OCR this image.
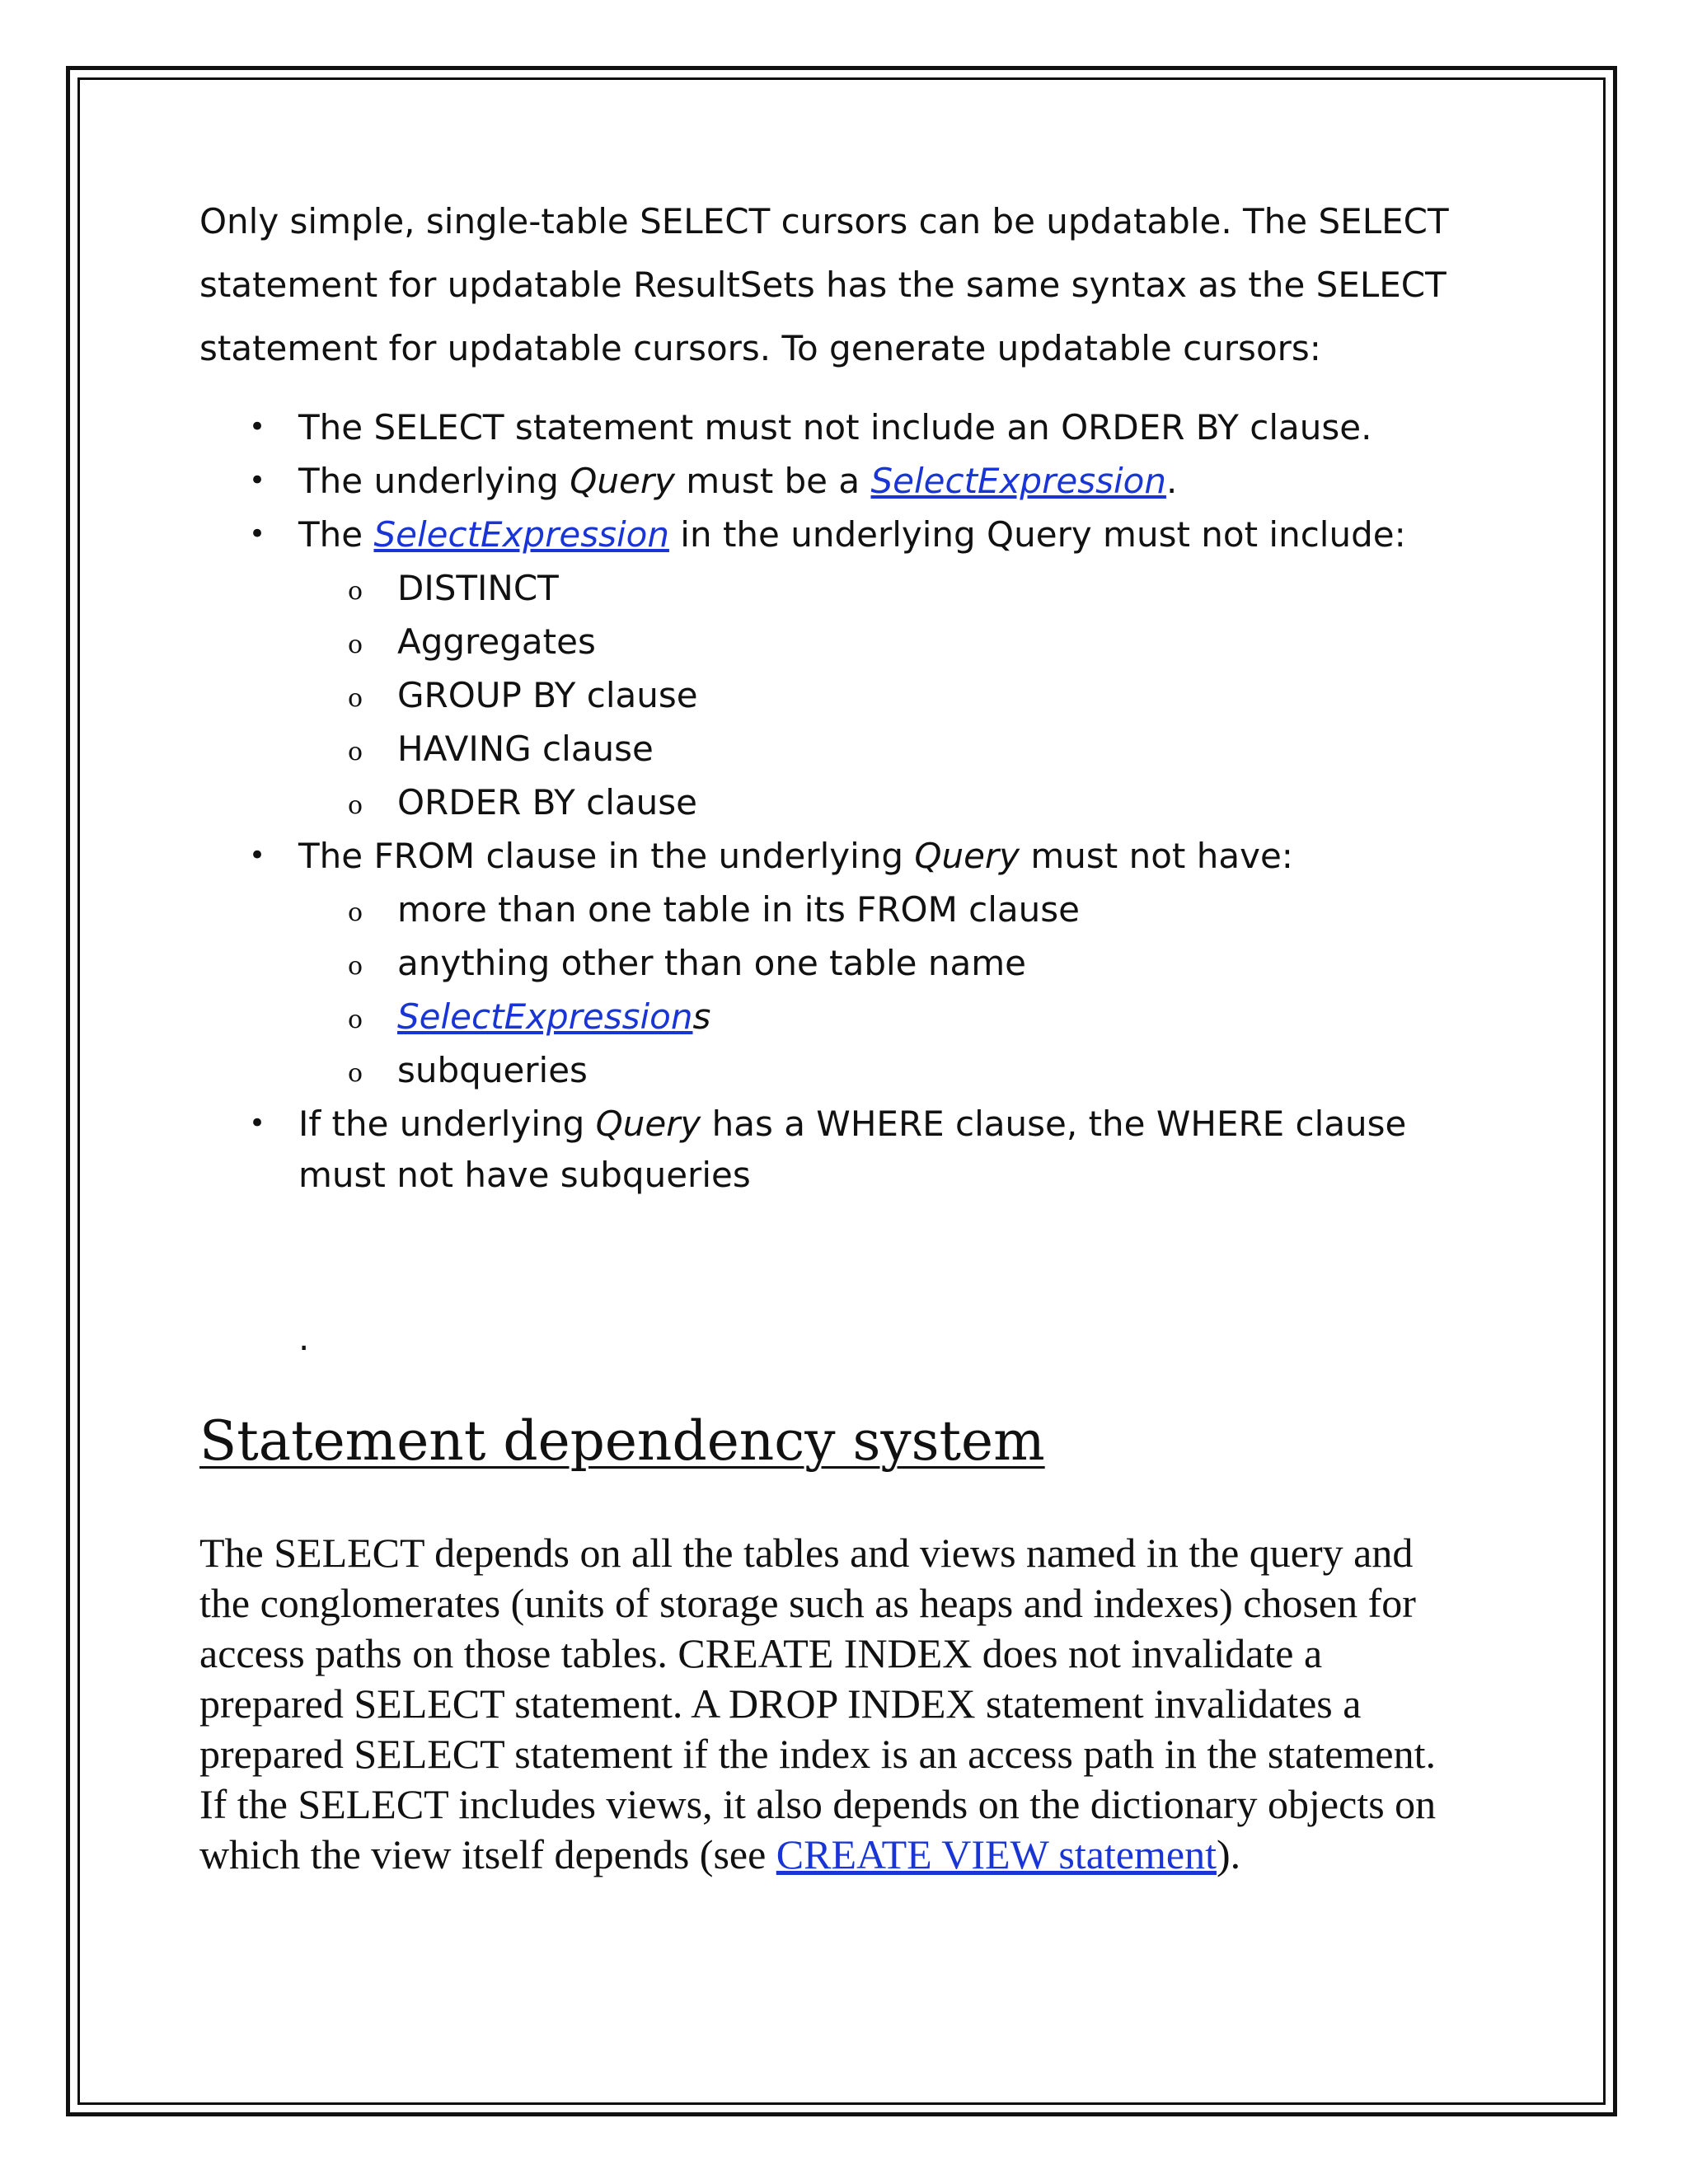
Only simple, single-table SELECT cursors can be updatable. The SELECT statement for updatable ResultSets has the same syntax as the SELECT statement for updatable cursors. To generate updatable cursors:

• The SELECT statement must not include an ORDER BY clause.
• The underlying Query must be a SelectExpression.
• The SelectExpression in the underlying Query must not include:
o DISTINCT
o Aggregates
o GROUP BY clause
o HAVING clause
o ORDER BY clause
• The FROM clause in the underlying Query must not have:
o more than one table in its FROM clause
o anything other than one table name
o SelectExpressions
o subqueries
• If the underlying Query has a WHERE clause, the WHERE clause
must not have subqueries
.
Statement dependency system

The SELECT depends on all the tables and views named in the query and the conglomerates (units of storage such as heaps and indexes) chosen for access paths on those tables. CREATE INDEX does not invalidate a prepared SELECT statement. A DROP INDEX statement invalidates a prepared SELECT statement if the index is an access path in the statement. If the SELECT includes views, it also depends on the dictionary objects on which the view itself depends (see CREATE VIEW statement).
